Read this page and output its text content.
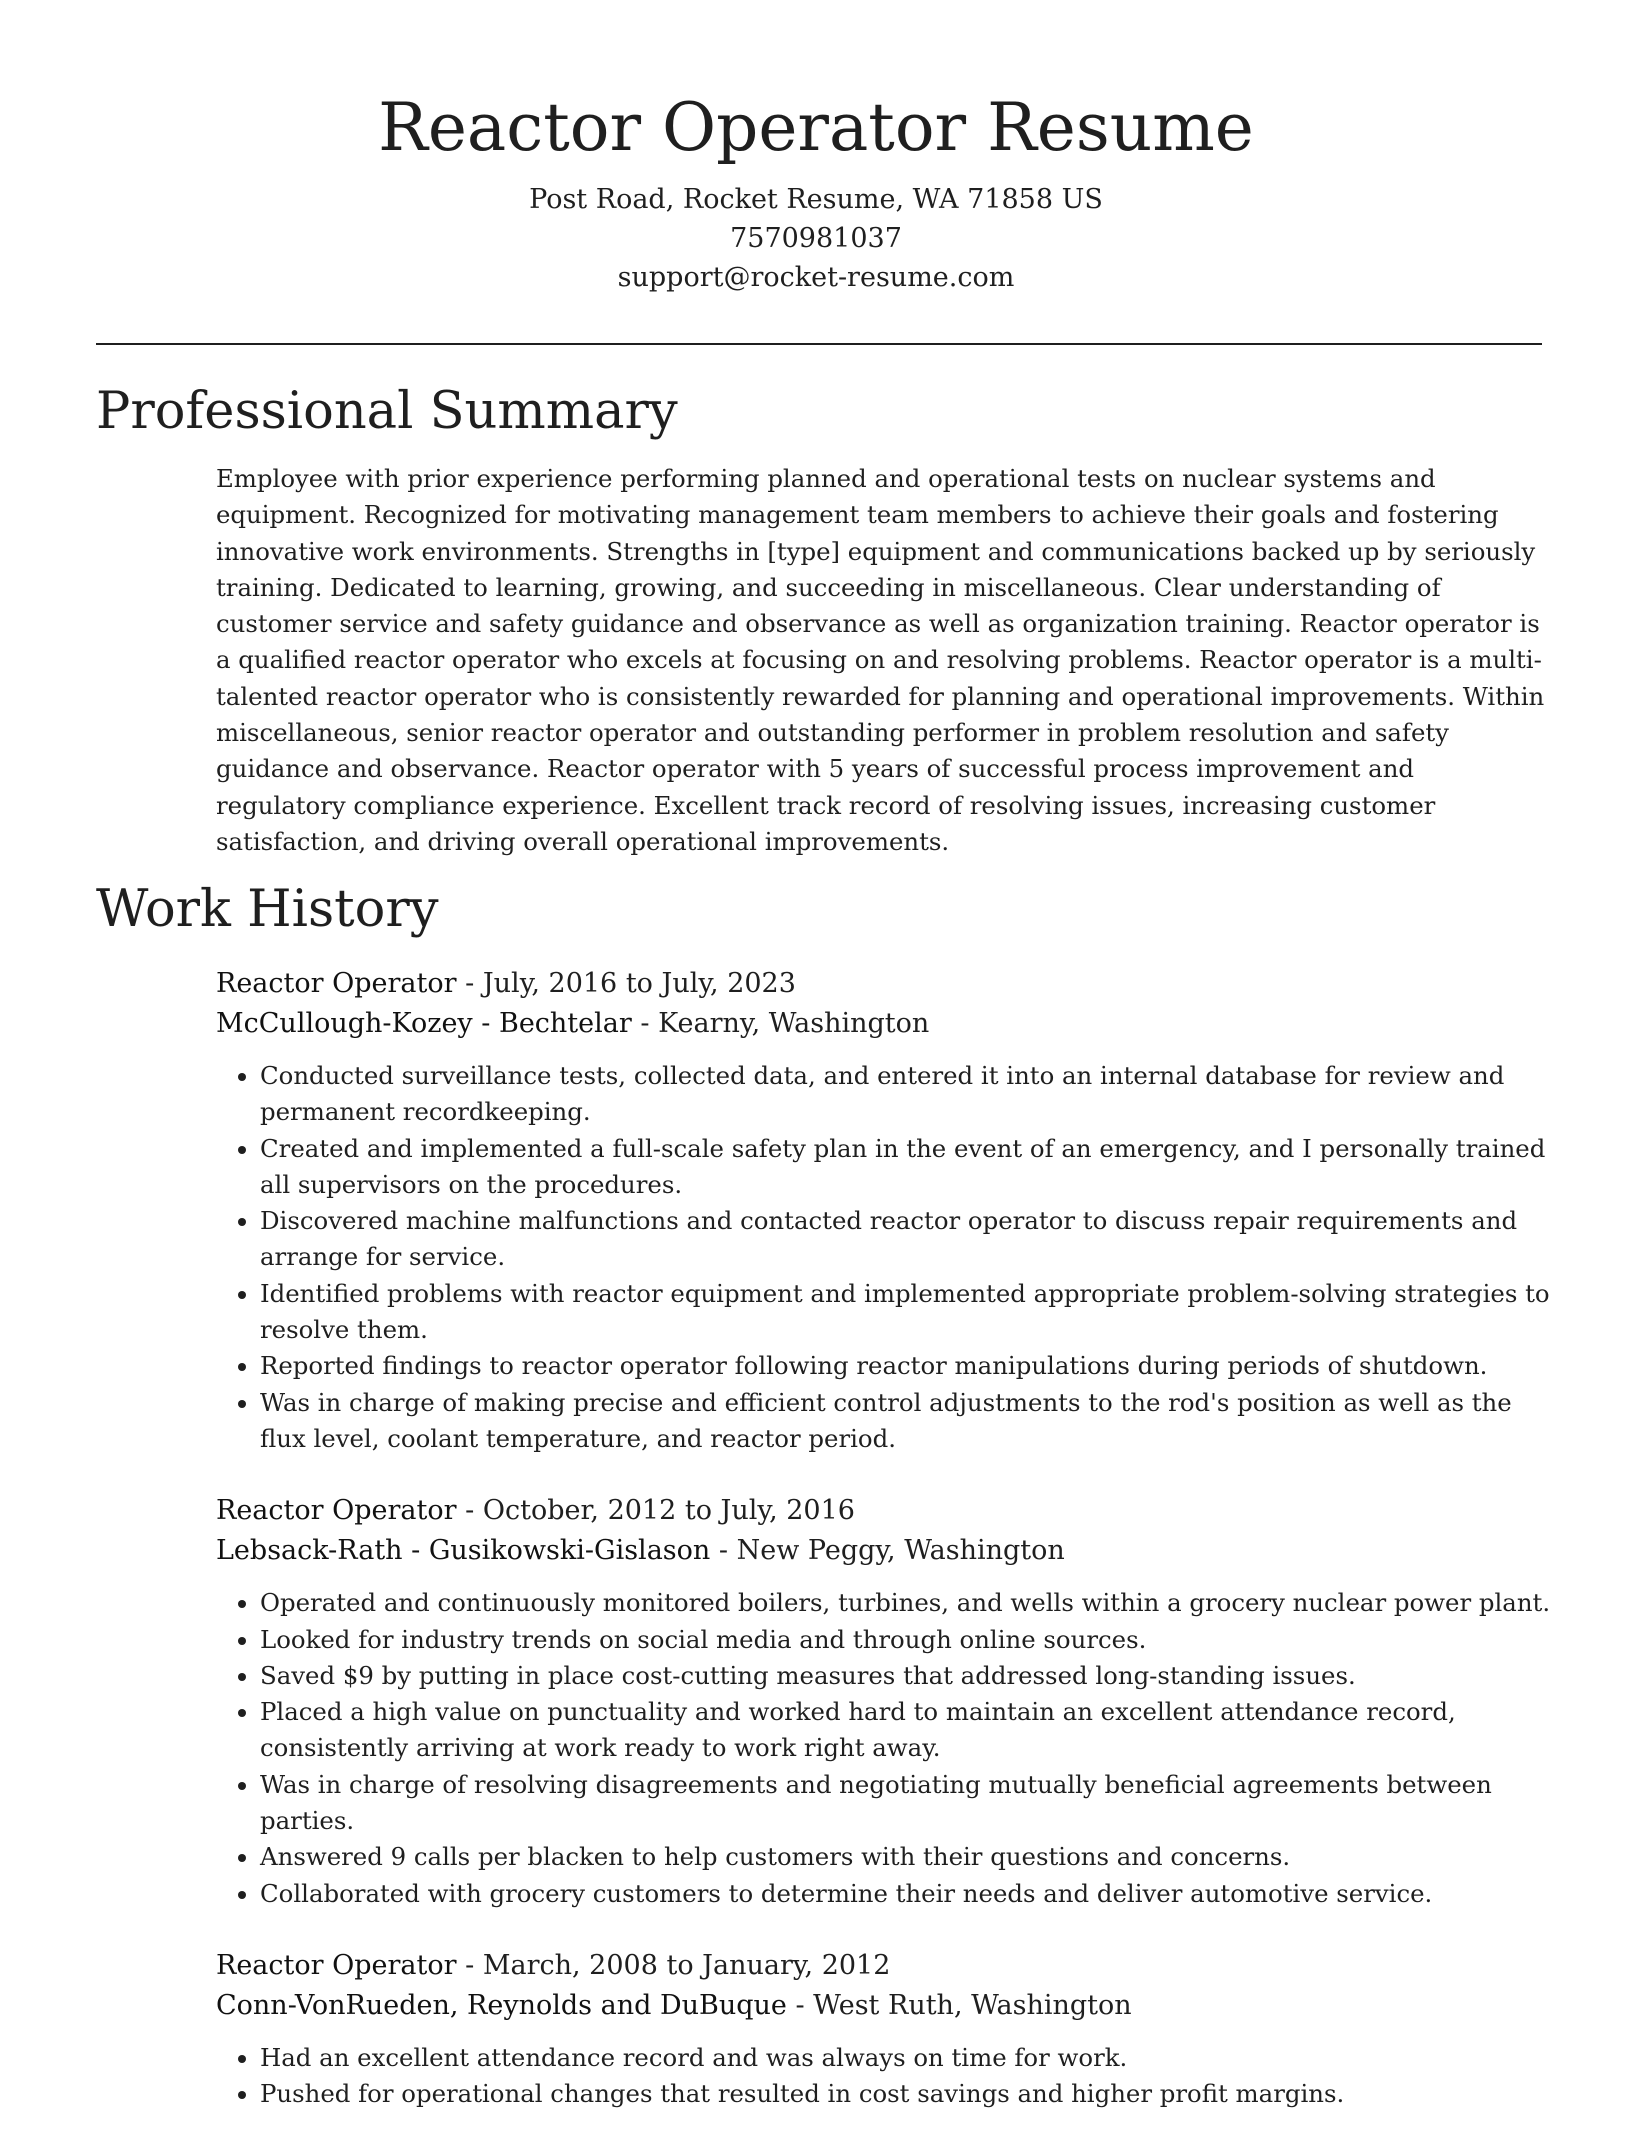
Reactor Operator Resume
Post Road, Rocket Resume, WA 71858 US
7570981037
support@rocket-resume.com
Professional Summary

Employee with prior experience performing planned and operational tests on nuclear systems and equipment. Recognized for motivating management team members to achieve their goals and fostering innovative work environments. Strengths in [type] equipment and communications backed up by seriously training. Dedicated to learning, growing, and succeeding in miscellaneous. Clear understanding of customer service and safety guidance and observance as well as organization training. Reactor operator is a qualified reactor operator who excels at focusing on and resolving problems. Reactor operator is a multi-talented reactor operator who is consistently rewarded for planning and operational improvements. Within miscellaneous, senior reactor operator and outstanding performer in problem resolution and safety guidance and observance. Reactor operator with 5 years of successful process improvement and regulatory compliance experience. Excellent track record of resolving issues, increasing customer satisfaction, and driving overall operational improvements.

Work History

Reactor Operator - July, 2016 to July, 2023

McCullough-Kozey - Bechtelar - Kearny, Washington

• Conducted surveillance tests, collected data, and entered it into an internal database for review and permanent recordkeeping.
• Created and implemented a full-scale safety plan in the event of an emergency, and I personally trained all supervisors on the procedures.
• Discovered machine malfunctions and contacted reactor operator to discuss repair requirements and arrange for service.
• Identified problems with reactor equipment and implemented appropriate problem-solving strategies to resolve them.
• Reported findings to reactor operator following reactor manipulations during periods of shutdown.
• Was in charge of making precise and efficient control adjustments to the rod's position as well as the flux level, coolant temperature, and reactor period.

Reactor Operator - October, 2012 to July, 2016

Lebsack-Rath - Gusikowski-Gislason - New Peggy, Washington

• Operated and continuously monitored boilers, turbines, and wells within a grocery nuclear power plant.
• Looked for industry trends on social media and through online sources.
• Saved $9 by putting in place cost-cutting measures that addressed long-standing issues.
• Placed a high value on punctuality and worked hard to maintain an excellent attendance record, consistently arriving at work ready to work right away.
• Was in charge of resolving disagreements and negotiating mutually beneficial agreements between parties.
• Answered 9 calls per blacken to help customers with their questions and concerns.
• Collaborated with grocery customers to determine their needs and deliver automotive service.

Reactor Operator - March, 2008 to January, 2012

Conn-VonRueden, Reynolds and DuBuque - West Ruth, Washington

• Had an excellent attendance record and was always on time for work.
• Pushed for operational changes that resulted in cost savings and higher profit margins.
